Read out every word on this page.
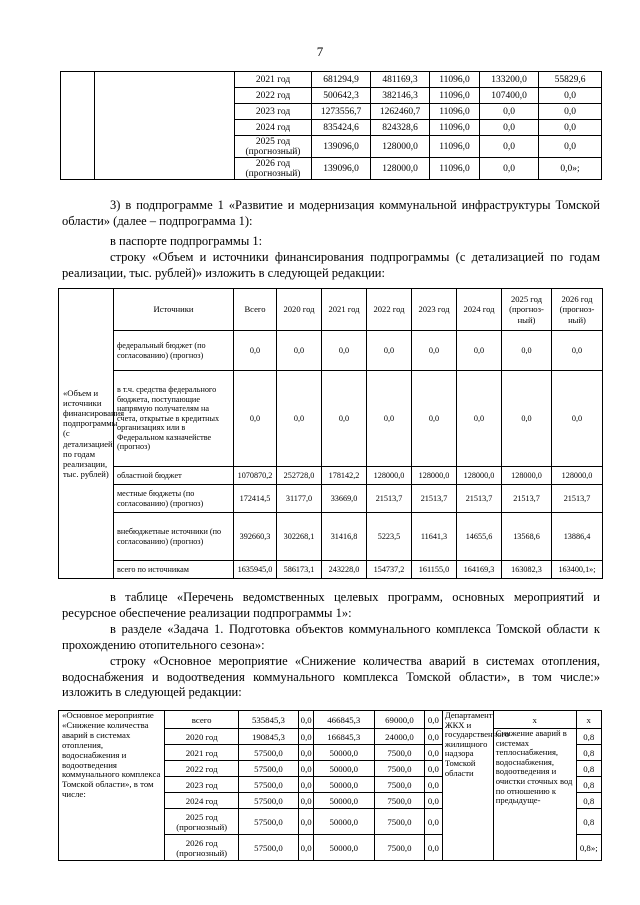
7
		2021 год	681294,9	481169,3	11096,0	133200,0	55829,6
		2022 год	500642,3	382146,3	11096,0	107400,0	0,0
		2023 год	1273556,7	1262460,7	11096,0	0,0	0,0
		2024 год	835424,6	824328,6	11096,0	0,0	0,0
		2025 год (прогнозный)	139096,0	128000,0	11096,0	0,0	0,0
		2026 год (прогнозный)	139096,0	128000,0	11096,0	0,0	0,0»;
3) в подпрограмме 1 «Развитие и модернизация коммунальной инфраструктуры Томской области» (далее – подпрограмма 1):
в паспорте подпрограммы 1:
строку «Объем и источники финансирования подпрограммы (с детализацией по годам реализации, тыс. рублей)» изложить в следующей редакции:
«Объем и источники финансирования подпрограммы (с детализацией по годам реализации, тыс. рублей)	Источники	Всего	2020 год	2021 год	2022 год	2023 год	2024 год	2025 год (прогноз-ный)	2026 год (прогноз-ный)
	федеральный бюджет (по согласованию) (прогноз)	0,0	0,0	0,0	0,0	0,0	0,0	0,0	0,0
	в т.ч. средства федерального бюджета, поступающие напрямую получателям на счета, открытые в кредитных организациях или в Федеральном казначействе (прогноз)	0,0	0,0	0,0	0,0	0,0	0,0	0,0	0,0
	областной бюджет	1070870,2	252728,0	178142,2	128000,0	128000,0	128000,0	128000,0	128000,0
	местные бюджеты (по согласованию) (прогноз)	172414,5	31177,0	33669,0	21513,7	21513,7	21513,7	21513,7	21513,7
	внебюджетные источники (по согласованию) (прогноз)	392660,3	302268,1	31416,8	5223,5	11641,3	14655,6	13568,6	13886,4
	всего по источникам	1635945,0	586173,1	243228,0	154737,2	161155,0	164169,3	163082,3	163400,1»;
в таблице «Перечень ведомственных целевых программ, основных мероприятий и ресурсное обеспечение реализации подпрограммы 1»:
в разделе «Задача 1. Подготовка объектов коммунального комплекса Томской области к прохождению отопительного сезона»:
строку «Основное мероприятие «Снижение количества аварий в системах отопления, водоснабжения и водоотведения коммунального комплекса Томской области», в том числе:» изложить в следующей редакции:
«Основное мероприятие «Снижение количества аварий в системах отопления, водоснабжения и водоотведения коммунального комплекса Томской области», в том числе:	всего	535845,3	0,0	466845,3	69000,0	0,0	Департамент ЖКХ и государственного жилищного надзора Томской области	x	x
	2020 год	190845,3	0,0	166845,3	24000,0	0,0		Снижение аварий в системах теплоснабжения, водоснабжения, водоотведения и очистки сточных вод по отношению к предыдуще-	0,8
	2021 год	57500,0	0,0	50000,0	7500,0	0,0			0,8
	2022 год	57500,0	0,0	50000,0	7500,0	0,0			0,8
	2023 год	57500,0	0,0	50000,0	7500,0	0,0			0,8
	2024 год	57500,0	0,0	50000,0	7500,0	0,0			0,8
	2025 год (прогнозный)	57500,0	0,0	50000,0	7500,0	0,0			0,8
	2026 год (прогнозный)	57500,0	0,0	50000,0	7500,0	0,0			0,8»;
